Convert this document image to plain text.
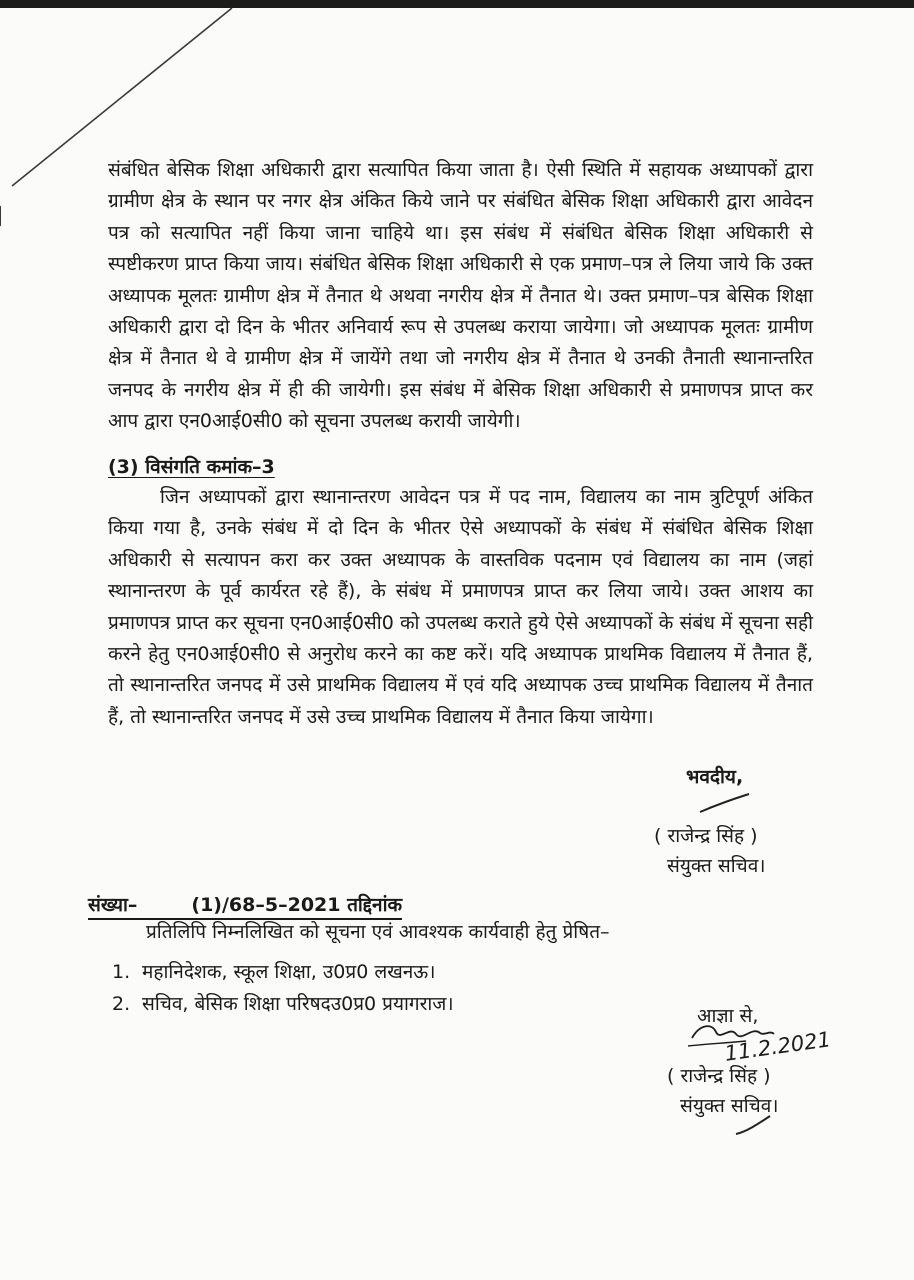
संबंधित बेसिक शिक्षा अधिकारी द्वारा सत्यापित किया जाता है। ऐसी स्थिति में सहायक अध्यापकों द्वारा ग्रामीण क्षेत्र के स्थान पर नगर क्षेत्र अंकित किये जाने पर संबंधित बेसिक शिक्षा अधिकारी द्वारा आवेदन पत्र को सत्यापित नहीं किया जाना चाहिये था। इस संबंध में संबंधित बेसिक शिक्षा अधिकारी से स्पष्टीकरण प्राप्त किया जाय। संबंधित बेसिक शिक्षा अधिकारी से एक प्रमाण–पत्र ले लिया जाये कि उक्त अध्यापक मूलतः ग्रामीण क्षेत्र में तैनात थे अथवा नगरीय क्षेत्र में तैनात थे। उक्त प्रमाण–पत्र बेसिक शिक्षा अधिकारी द्वारा दो दिन के भीतर अनिवार्य रूप से उपलब्ध कराया जायेगा। जो अध्यापक मूलतः ग्रामीण क्षेत्र में तैनात थे वे ग्रामीण क्षेत्र में जायेंगे तथा जो नगरीय क्षेत्र में तैनात थे उनकी तैनाती स्थानान्तरित जनपद के नगरीय क्षेत्र में ही की जायेगी। इस संबंध में बेसिक शिक्षा अधिकारी से प्रमाणपत्र प्राप्त कर आप द्वारा एन0आई0सी0 को सूचना उपलब्ध करायी जायेगी।
(3) विसंगति कमांक–3
जिन अध्यापकों द्वारा स्थानान्तरण आवेदन पत्र में पद नाम, विद्यालय का नाम त्रुटिपूर्ण अंकित किया गया है, उनके संबंध में दो दिन के भीतर ऐसे अध्यापकों के संबंध में संबंधित बेसिक शिक्षा अधिकारी से सत्यापन करा कर उक्त अध्यापक के वास्तविक पदनाम एवं विद्यालय का नाम (जहां स्थानान्तरण के पूर्व कार्यरत रहे हैं), के संबंध में प्रमाणपत्र प्राप्त कर लिया जाये। उक्त आशय का प्रमाणपत्र प्राप्त कर सूचना एन0आई0सी0 को उपलब्ध कराते हुये ऐसे अध्यापकों के संबंध में सूचना सही करने हेतु एन0आई0सी0 से अनुरोध करने का कष्ट करें। यदि अध्यापक प्राथमिक विद्यालय में तैनात हैं, तो स्थानान्तरित जनपद में उसे प्राथमिक विद्यालय में एवं यदि अध्यापक उच्च प्राथमिक विद्यालय में तैनात हैं, तो स्थानान्तरित जनपद में उसे उच्च प्राथमिक विद्यालय में तैनात किया जायेगा।
भवदीय,
( राजेन्द्र सिंह )
संयुक्त सचिव।
संख्या–	(1)/68–5–2021 तद्दिनांक
प्रतिलिपि निम्नलिखित को सूचना एवं आवश्यक कार्यवाही हेतु प्रेषित–
1. महानिदेशक, स्कूल शिक्षा, उ0प्र0 लखनऊ।
2. सचिव, बेसिक शिक्षा परिषदउ0प्र0 प्रयागराज।
आज्ञा से,
11.2.2021
( राजेन्द्र सिंह )
संयुक्त सचिव।
